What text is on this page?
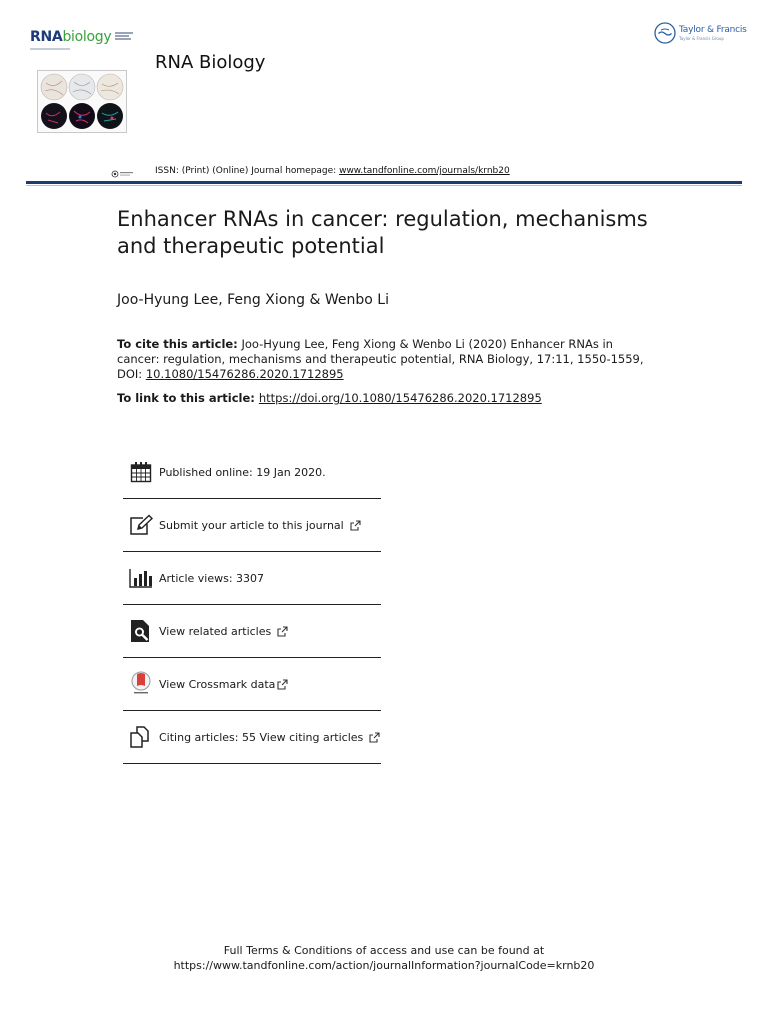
RNAbiology
RNA Biology
Taylor & Francis
Taylor & Francis Group
ISSN: (Print) (Online) Journal homepage: www.tandfonline.com/journals/krnb20
Enhancer RNAs in cancer: regulation, mechanisms and therapeutic potential
Joo-Hyung Lee, Feng Xiong & Wenbo Li
To cite this article: Joo-Hyung Lee, Feng Xiong & Wenbo Li (2020) Enhancer RNAs in cancer: regulation, mechanisms and therapeutic potential, RNA Biology, 17:11, 1550-1559, DOI: 10.1080/15476286.2020.1712895
To link to this article: https://doi.org/10.1080/15476286.2020.1712895
Published online: 19 Jan 2020.
Submit your article to this journal
Article views: 3307
View related articles
View Crossmark data
Citing articles: 55 View citing articles
Full Terms & Conditions of access and use can be found at
https://www.tandfonline.com/action/journalInformation?journalCode=krnb20
